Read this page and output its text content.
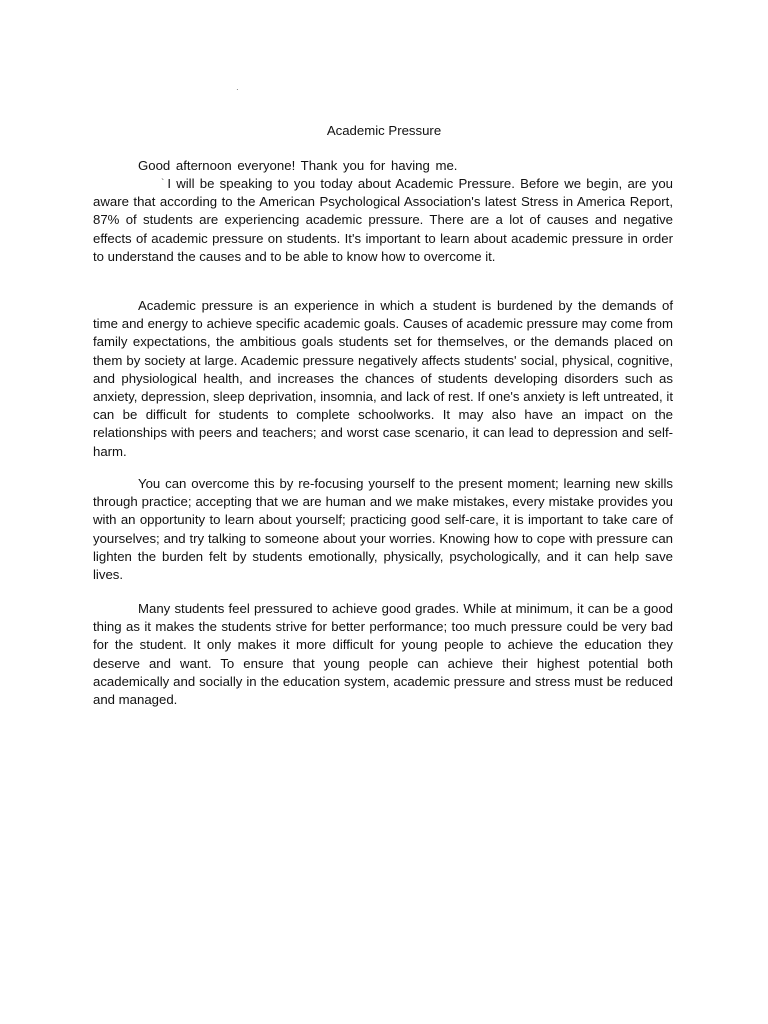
·
Academic Pressure
Good afternoon everyone! Thank you for having me.
` I will be speaking to you today about Academic Pressure. Before we begin, are you aware that according to the American Psychological Association's latest Stress in America Report, 87% of students are experiencing academic pressure. There are a lot of causes and negative effects of academic pressure on students. It's important to learn about academic pressure in order to understand the causes and to be able to know how to overcome it.
Academic pressure is an experience in which a student is burdened by the demands of time and energy to achieve specific academic goals. Causes of academic pressure may come from family expectations, the ambitious goals students set for themselves, or the demands placed on them by society at large. Academic pressure negatively affects students' social, physical, cognitive, and physiological health, and increases the chances of students developing disorders such as anxiety, depression, sleep deprivation, insomnia, and lack of rest. If one's anxiety is left untreated, it can be difficult for students to complete schoolworks. It may also have an impact on the relationships with peers and teachers; and worst case scenario, it can lead to depression and self-harm.
You can overcome this by re-focusing yourself to the present moment; learning new skills through practice; accepting that we are human and we make mistakes, every mistake provides you with an opportunity to learn about yourself; practicing good self-care, it is important to take care of yourselves; and try talking to someone about your worries. Knowing how to cope with pressure can lighten the burden felt by students emotionally, physically, psychologically, and it can help save lives.
Many students feel pressured to achieve good grades. While at minimum, it can be a good thing as it makes the students strive for better performance; too much pressure could be very bad for the student. It only makes it more difficult for young people to achieve the education they deserve and want. To ensure that young people can achieve their highest potential both academically and socially in the education system, academic pressure and stress must be reduced and managed.
